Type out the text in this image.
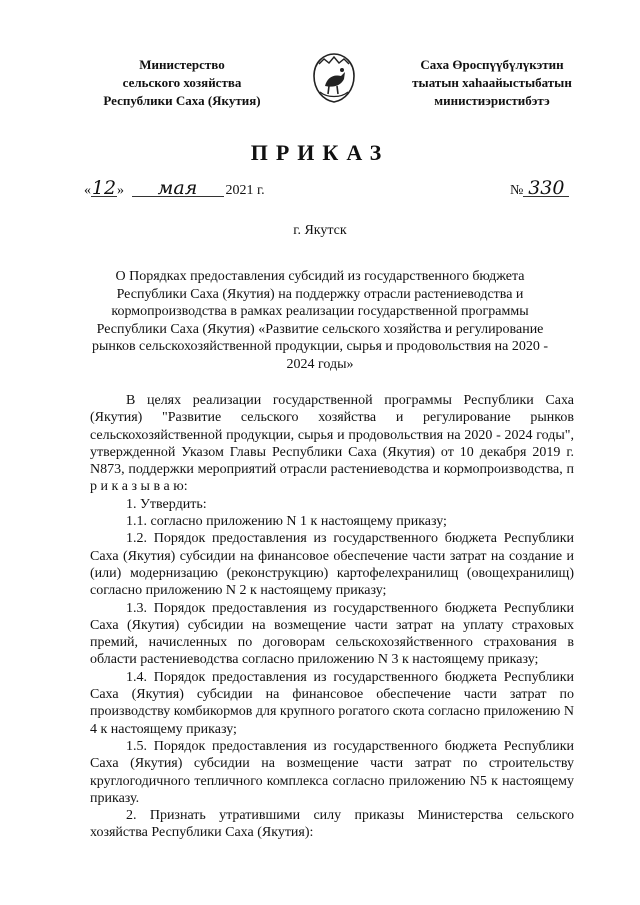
Министерство
сельского хозяйства
Республики Саха (Якутия)
Саха Өроспүүбүлүкэтин
тыатын хаһаайыстыбатын
министиэристибэтэ
ПРИКАЗ
«12» мая 2021 г.	№ 330
г. Якутск
О Порядках предоставления субсидий из государственного бюджета
Республики Саха (Якутия) на поддержку отрасли растениеводства и
кормопроизводства в рамках реализации государственной программы
Республики Саха (Якутия) «Развитие сельского хозяйства и регулирование
рынков сельскохозяйственной продукции, сырья и продовольствия на 2020 -
2024 годы»

В целях реализации государственной программы Республики Саха (Якутия) "Развитие сельского хозяйства и регулирование рынков сельскохозяйственной продукции, сырья и продовольствия на 2020 - 2024 годы", утвержденной Указом Главы Республики Саха (Якутия) от 10 декабря 2019 г. N873, поддержки мероприятий отрасли растениеводства и кормопроизводства, п р и к а з ы в а ю:

1. Утвердить:

1.1. согласно приложению N 1 к настоящему приказу;

1.2. Порядок предоставления из государственного бюджета Республики Саха (Якутия) субсидии на финансовое обеспечение части затрат на создание и (или) модернизацию (реконструкцию) картофелехранилищ (овощехранилищ) согласно приложению N 2 к настоящему приказу;

1.3. Порядок предоставления из государственного бюджета Республики Саха (Якутия) субсидии на возмещение части затрат на уплату страховых премий, начисленных по договорам сельскохозяйственного страхования в области растениеводства согласно приложению N 3 к настоящему приказу;

1.4. Порядок предоставления из государственного бюджета Республики Саха (Якутия) субсидии на финансовое обеспечение части затрат по производству комбикормов для крупного рогатого скота согласно приложению N 4 к настоящему приказу;

1.5. Порядок предоставления из государственного бюджета Республики Саха (Якутия) субсидии на возмещение части затрат по строительству круглогодичного тепличного комплекса согласно приложению N5 к настоящему приказу.

2. Признать утратившими силу приказы Министерства сельского хозяйства Республики Саха (Якутия):
